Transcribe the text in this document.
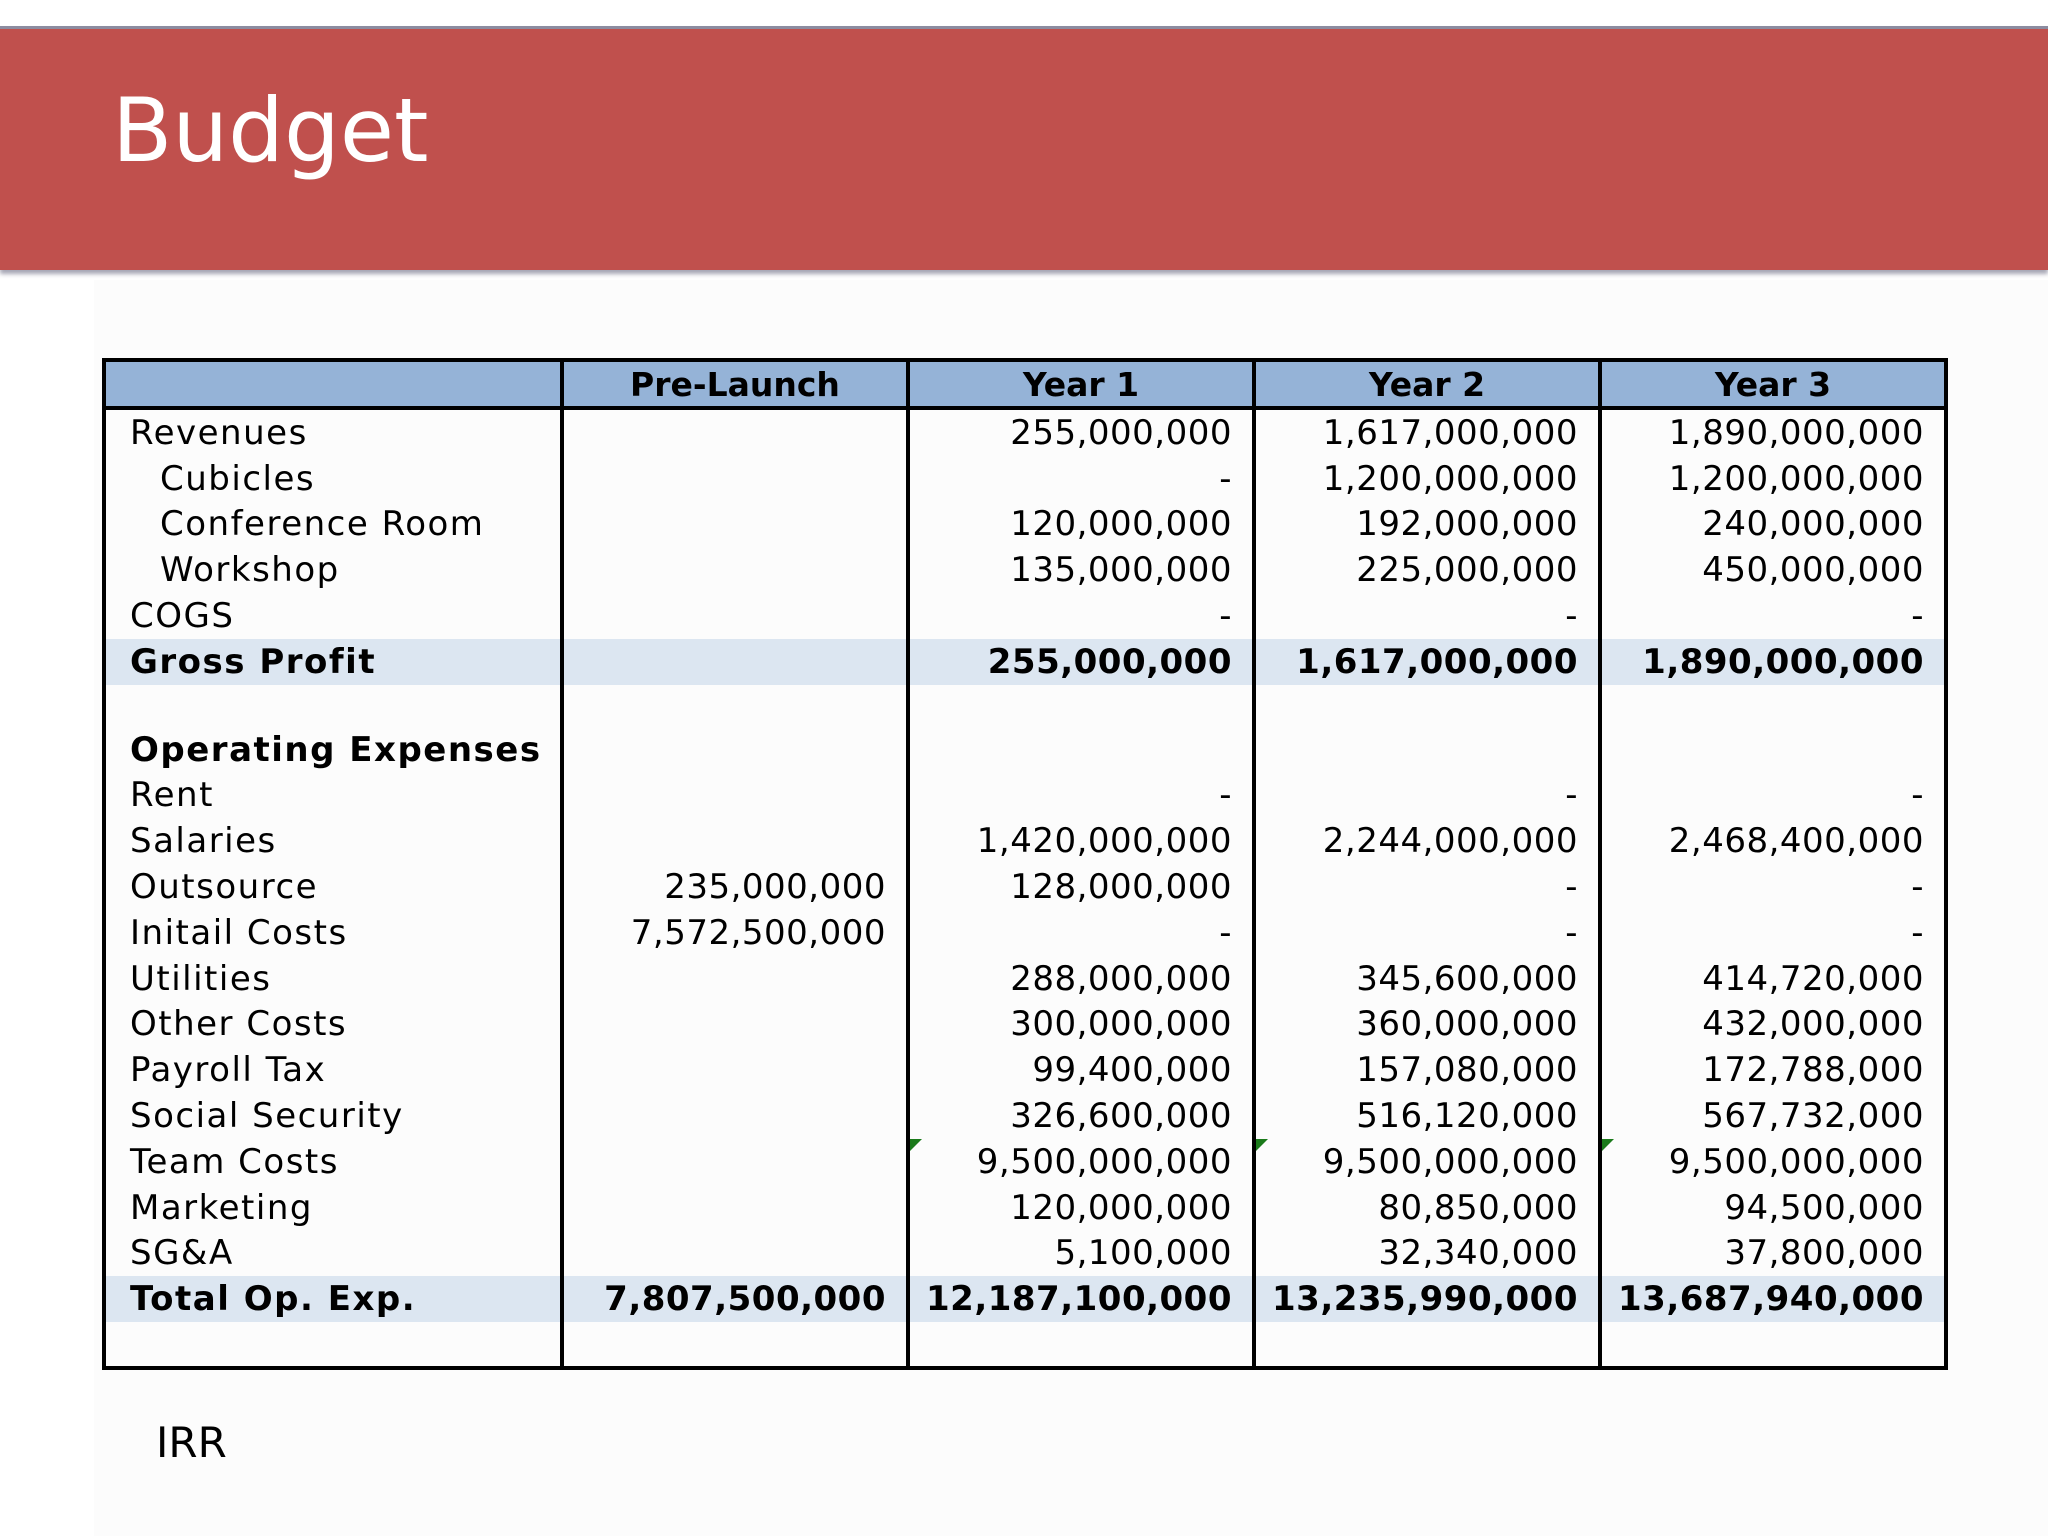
Budget
	Pre-Launch	Year 1	Year 2	Year 3
Revenues		255,000,000	1,617,000,000	1,890,000,000
Cubicles		-	1,200,000,000	1,200,000,000
Conference Room		120,000,000	192,000,000	240,000,000
Workshop		135,000,000	225,000,000	450,000,000
COGS		-	-	-
Gross Profit		255,000,000	1,617,000,000	1,890,000,000

Operating Expenses				
Rent		-	-	-
Salaries		1,420,000,000	2,244,000,000	2,468,400,000
Outsource	235,000,000	128,000,000	-	-
Initail Costs	7,572,500,000	-	-	-
Utilities		288,000,000	345,600,000	414,720,000
Other Costs		300,000,000	360,000,000	432,000,000
Payroll Tax		99,400,000	157,080,000	172,788,000
Social Security		326,600,000	516,120,000	567,732,000
Team Costs		9,500,000,000	9,500,000,000	9,500,000,000
Marketing		120,000,000	80,850,000	94,500,000
SG&A		5,100,000	32,340,000	37,800,000
Total Op. Exp.	7,807,500,000	12,187,100,000	13,235,990,000	13,687,940,000

IRR
